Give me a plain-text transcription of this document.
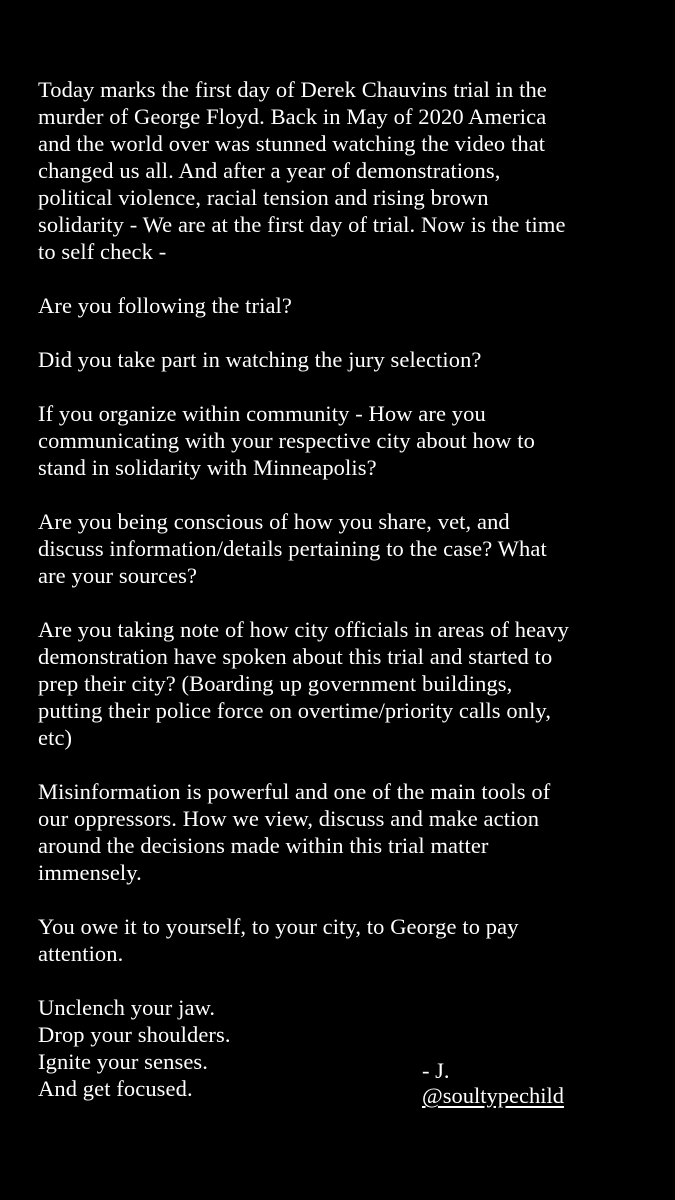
Today marks the first day of Derek Chauvins trial in the
murder of George Floyd. Back in May of 2020 America
and the world over was stunned watching the video that
changed us all. And after a year of demonstrations,
political violence, racial tension and rising brown
solidarity - We are at the first day of trial. Now is the time
to self check -

Are you following the trial?

Did you take part in watching the jury selection?

If you organize within community - How are you
communicating with your respective city about how to
stand in solidarity with Minneapolis?

Are you being conscious of how you share, vet, and
discuss information/details pertaining to the case? What
are your sources?

Are you taking note of how city officials in areas of heavy
demonstration have spoken about this trial and started to
prep their city? (Boarding up government buildings,
putting their police force on overtime/priority calls only,
etc)

Misinformation is powerful and one of the main tools of
our oppressors. How we view, discuss and make action
around the decisions made within this trial matter
immensely.

You owe it to yourself, to your city, to George to pay
attention.

Unclench your jaw.
Drop your shoulders.
Ignite your senses.
And get focused.

- J.
@soultypechild
